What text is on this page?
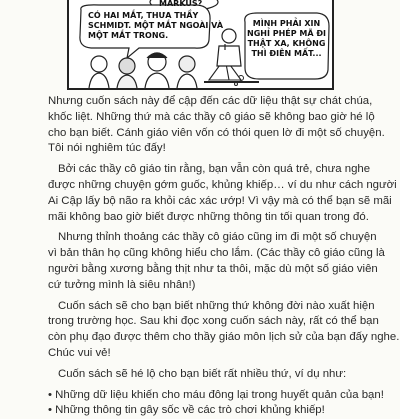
MARKUS?
CÓ HAI MẮT, THƯA THẦY
SCHMIDT. MỘT MẮT NGOÀI VÀ
MỘT MẮT TRONG.
MÌNH PHẢI XIN
NGHỈ PHÉP MÃ ĐI
THẬT XA, KHÔNG
THÌ ĐIÊN MẤT...
Nhưng cuốn sách này để cập đến các dữ liệu thật sự chát chúa,
khốc liệt. Những thứ mà các thầy cô giáo sẽ không bao giờ hé lộ
cho bạn biết. Cánh giáo viên vốn có thói quen lờ đi một số chuyện.
Tôi nói nghiêm túc đấy!
Bởi các thầy cô giáo tin rằng, bạn vẫn còn quá trẻ, chưa nghe
được những chuyện gớm guốc, khủng khiếp… ví du như cách người
Ai Cập lấy bộ não ra khỏi các xác ướp! Vì vậy mà có thể bạn sẽ mãi
mãi không bao giờ biết được những thông tin tối quan trong đó.
Nhưng thỉnh thoảng các thầy cô giáo cũng im đi một số chuyện
vì bản thân họ cũng không hiểu cho lắm. (Các thầy cô giáo cũng là
người bằng xương bằng thịt như ta thôi, mặc dù một số giáo viên
cứ tưởng mình là siêu nhân!)
Cuốn sách sẽ cho bạn biết những thứ không đời nào xuất hiện
trong trường học. Sau khi đọc xong cuốn sách này, rất có thể bạn
còn phụ đạo được thêm cho thầy giáo môn lịch sử của bạn đấy nghe.
Chúc vui vẻ!
Cuốn sách sẽ hé lộ cho bạn biết rất nhiều thứ, ví dụ như:
• Những dữ liệu khiến cho máu đông lại trong huyết quản của bạn!
• Những thông tin gây sốc về các trò chơi khủng khiếp!
